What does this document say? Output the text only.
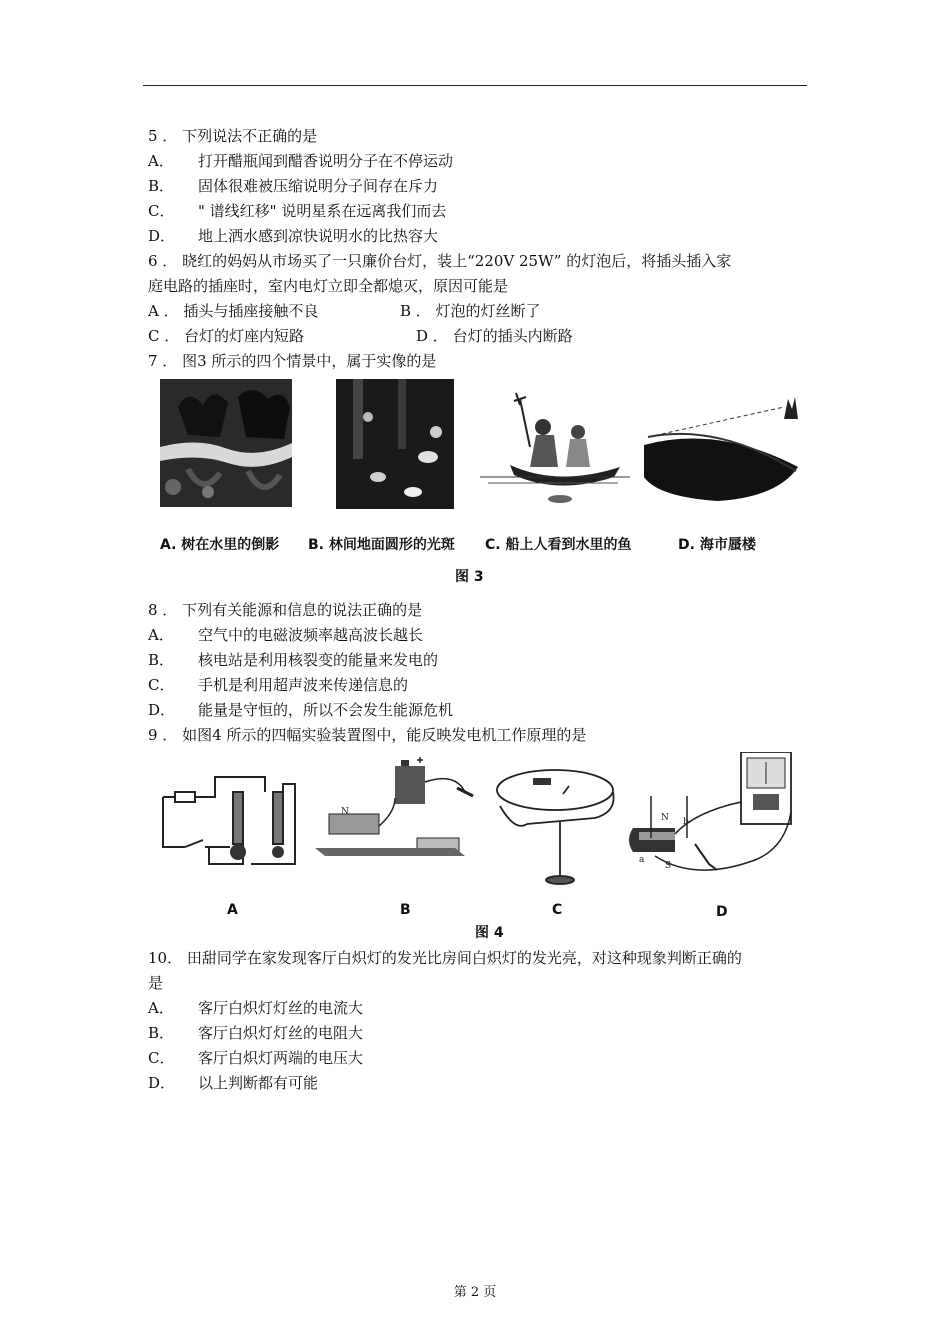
5 ． 下列说法不正确的是
A． 打开醋瓶闻到醋香说明分子在不停运动
B． 固体很难被压缩说明分子间存在斥力
C． " 谱线红移" 说明星系在远离我们而去
D． 地上洒水感到凉快说明水的比热容大
6 ． 晓红的妈妈从市场买了一只廉价台灯，装上“220V 25W” 的灯泡后，将插头插入家
庭电路的插座时，室内电灯立即全都熄灭，原因可能是
A ． 插头与插座接触不良	B ． 灯泡的灯丝断了
C ． 台灯的灯座内短路	D ． 台灯的插头内断路
7 ． 图3 所示的四个情景中，属于实像的是
A. 树在水里的倒影 B. 林间地面圆形的光斑 C. 船上人看到水里的鱼	D. 海市蜃楼
图 3
8 ． 下列有关能源和信息的说法正确的是
A． 空气中的电磁波频率越高波长越长
B． 核电站是利用核裂变的能量来发电的
C． 手机是利用超声波来传递信息的
D． 能量是守恒的，所以不会发生能源危机
9 ． 如图4 所示的四幅实验装置图中，能反映发电机工作原理的是
N
N b
a
S
A	B	C	D
图 4
10． 田甜同学在家发现客厅白炽灯的发光比房间白炽灯的发光亮，对这种现象判断正确的
是
A． 客厅白炽灯灯丝的电流大
B． 客厅白炽灯灯丝的电阻大
C． 客厅白炽灯两端的电压大
D． 以上判断都有可能
第 2 页
